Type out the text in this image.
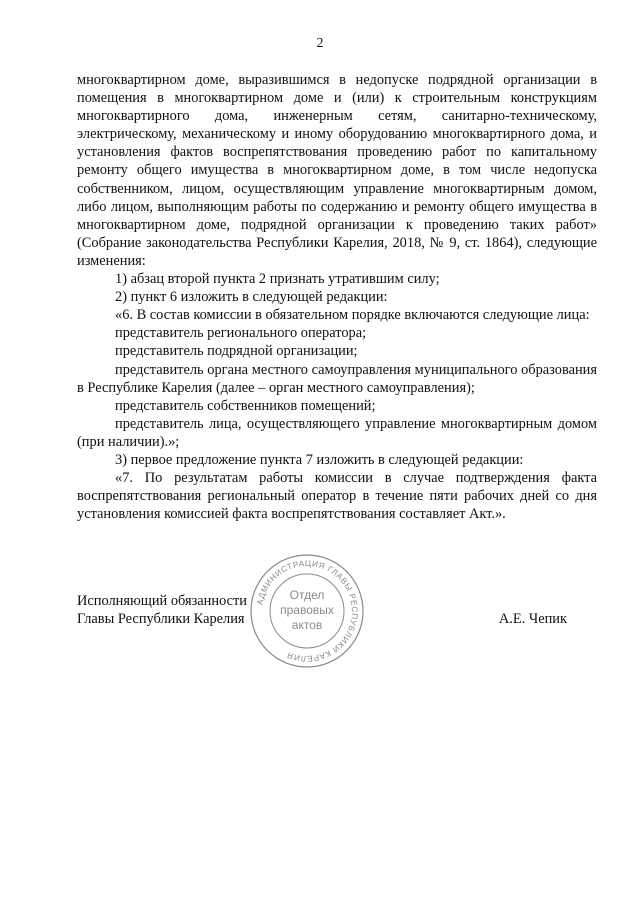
2

многоквартирном доме, выразившимся в недопуске подрядной организации в помещения в многоквартирном доме и (или) к строительным конструкциям многоквартирного дома, инженерным сетям, санитарно-техническому, электрическому, механическому и иному оборудованию многоквартирного дома, и установления фактов воспрепятствования проведению работ по капитальному ремонту общего имущества в многоквартирном доме, в том числе недопуска собственником, лицом, осуществляющим управление многоквартирным домом, либо лицом, выполняющим работы по содержанию и ремонту общего имущества в многоквартирном доме, подрядной организации к проведению таких работ» (Собрание законодательства Республики Карелия, 2018, № 9, ст. 1864), следующие изменения:

1) абзац второй пункта 2 признать утратившим силу;

2) пункт 6 изложить в следующей редакции:

«6. В состав комиссии в обязательном порядке включаются следующие лица:

представитель регионального оператора;

представитель подрядной организации;

представитель органа местного самоуправления муниципального образования в Республике Карелия (далее – орган местного самоуправления);

представитель собственников помещений;

представитель лица, осуществляющего управление многоквартирным домом (при наличии).»;

3) первое предложение пункта 7 изложить в следующей редакции:

«7. По результатам работы комиссии в случае подтверждения факта воспрепятствования региональный оператор в течение пяти рабочих дней со дня установления комиссией факта воспрепятствования составляет Акт.».

Исполняющий обязанности
Главы Республики Карелия	А.Е. Чепик
АДМИНИСТРАЦИЯ ГЛАВЫ РЕСПУБЛИКИ КАРЕЛИЯ
Отдел
правовых
актов
